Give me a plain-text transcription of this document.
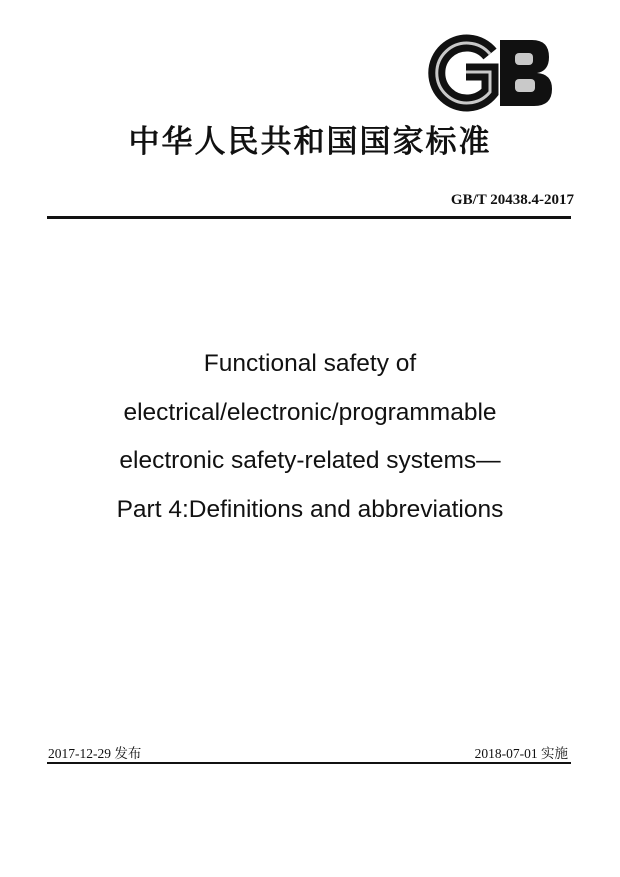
中华人民共和国国家标准
GB/T 20438.4-2017
Functional safety of
electrical/electronic/programmable
electronic safety-related systems—
Part 4:Definitions and abbreviations
2017-12-29 发布	2018-07-01 实施
